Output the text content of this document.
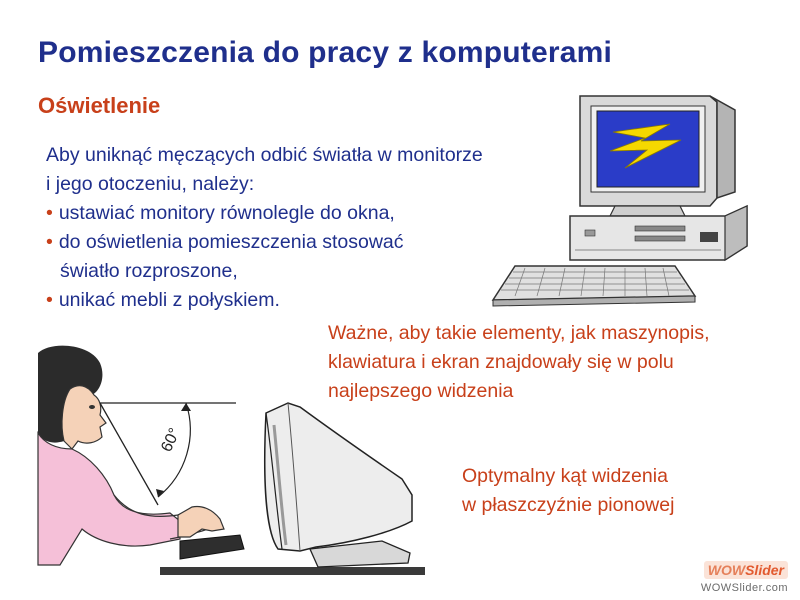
Pomieszczenia do pracy z komputerami
Oświetlenie
Aby uniknąć męczących odbić światła w monitorze
i jego otoczeniu, należy:
• ustawiać monitory równolegle do okna,
• do oświetlenia pomieszczenia stosować
światło rozproszone,
• unikać mebli z połyskiem.
Ważne, aby takie elementy, jak maszynopis,
klawiatura i ekran znajdowały się w polu
najlepszego widzenia
60°
Optymalny kąt widzenia
w płaszczyźnie pionowej
WOWSlider
WOWSlider.com
